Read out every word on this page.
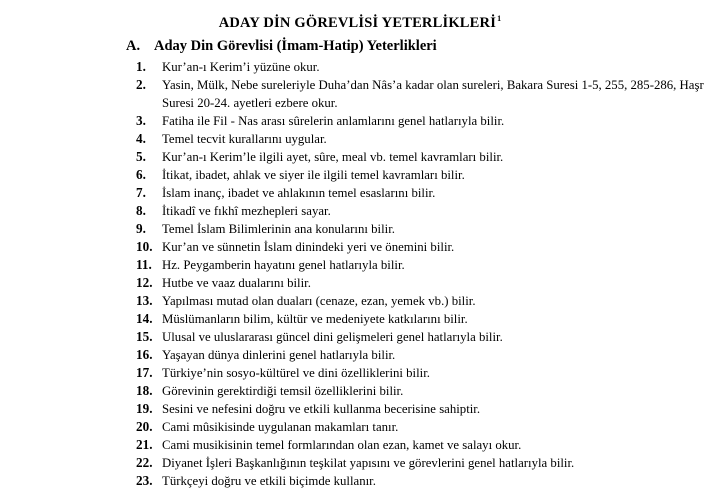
ADAY DİN GÖREVLİSİ YETERLİKLERİ$^1$
A. Aday Din Görevlisi (İmam-Hatip) Yeterlikleri
1.	Kur’an-ı Kerim’i yüzüne okur.
2.	Yasin, Mülk, Nebe sureleriyle Duha’dan Nâs’a kadar olan sureleri, Bakara Suresi 1-5, 255, 285-286, Haşr Suresi 20-24. ayetleri ezbere okur.
3.	Fatiha ile Fil - Nas arası sûrelerin anlamlarını genel hatlarıyla bilir.
4.	Temel tecvit kurallarını uygular.
5.	Kur’an-ı Kerim’le ilgili ayet, sûre, meal vb. temel kavramları bilir.
6.	İtikat, ibadet, ahlak ve siyer ile ilgili temel kavramları bilir.
7.	İslam inanç, ibadet ve ahlakının temel esaslarını bilir.
8.	İtikadî ve fıkhî mezhepleri sayar.
9.	Temel İslam Bilimlerinin ana konularını bilir.
10. Kur’an ve sünnetin İslam dinindeki yeri ve önemini bilir.
11. Hz. Peygamberin hayatını genel hatlarıyla bilir.
12. Hutbe ve vaaz dualarını bilir.
13. Yapılması mutad olan duaları (cenaze, ezan, yemek vb.) bilir.
14. Müslümanların bilim, kültür ve medeniyete katkılarını bilir.
15. Ulusal ve uluslararası güncel dini gelişmeleri genel hatlarıyla bilir.
16. Yaşayan dünya dinlerini genel hatlarıyla bilir.
17. Türkiye’nin sosyo-kültürel ve dini özelliklerini bilir.
18. Görevinin gerektirdiği temsil özelliklerini bilir.
19. Sesini ve nefesini doğru ve etkili kullanma becerisine sahiptir.
20. Cami mûsikisinde uygulanan makamları tanır.
21. Cami musikisinin temel formlarından olan ezan, kamet ve salayı okur.
22. Diyanet İşleri Başkanlığının teşkilat yapısını ve görevlerini genel hatlarıyla bilir.
23. Türkçeyi doğru ve etkili biçimde kullanır.
